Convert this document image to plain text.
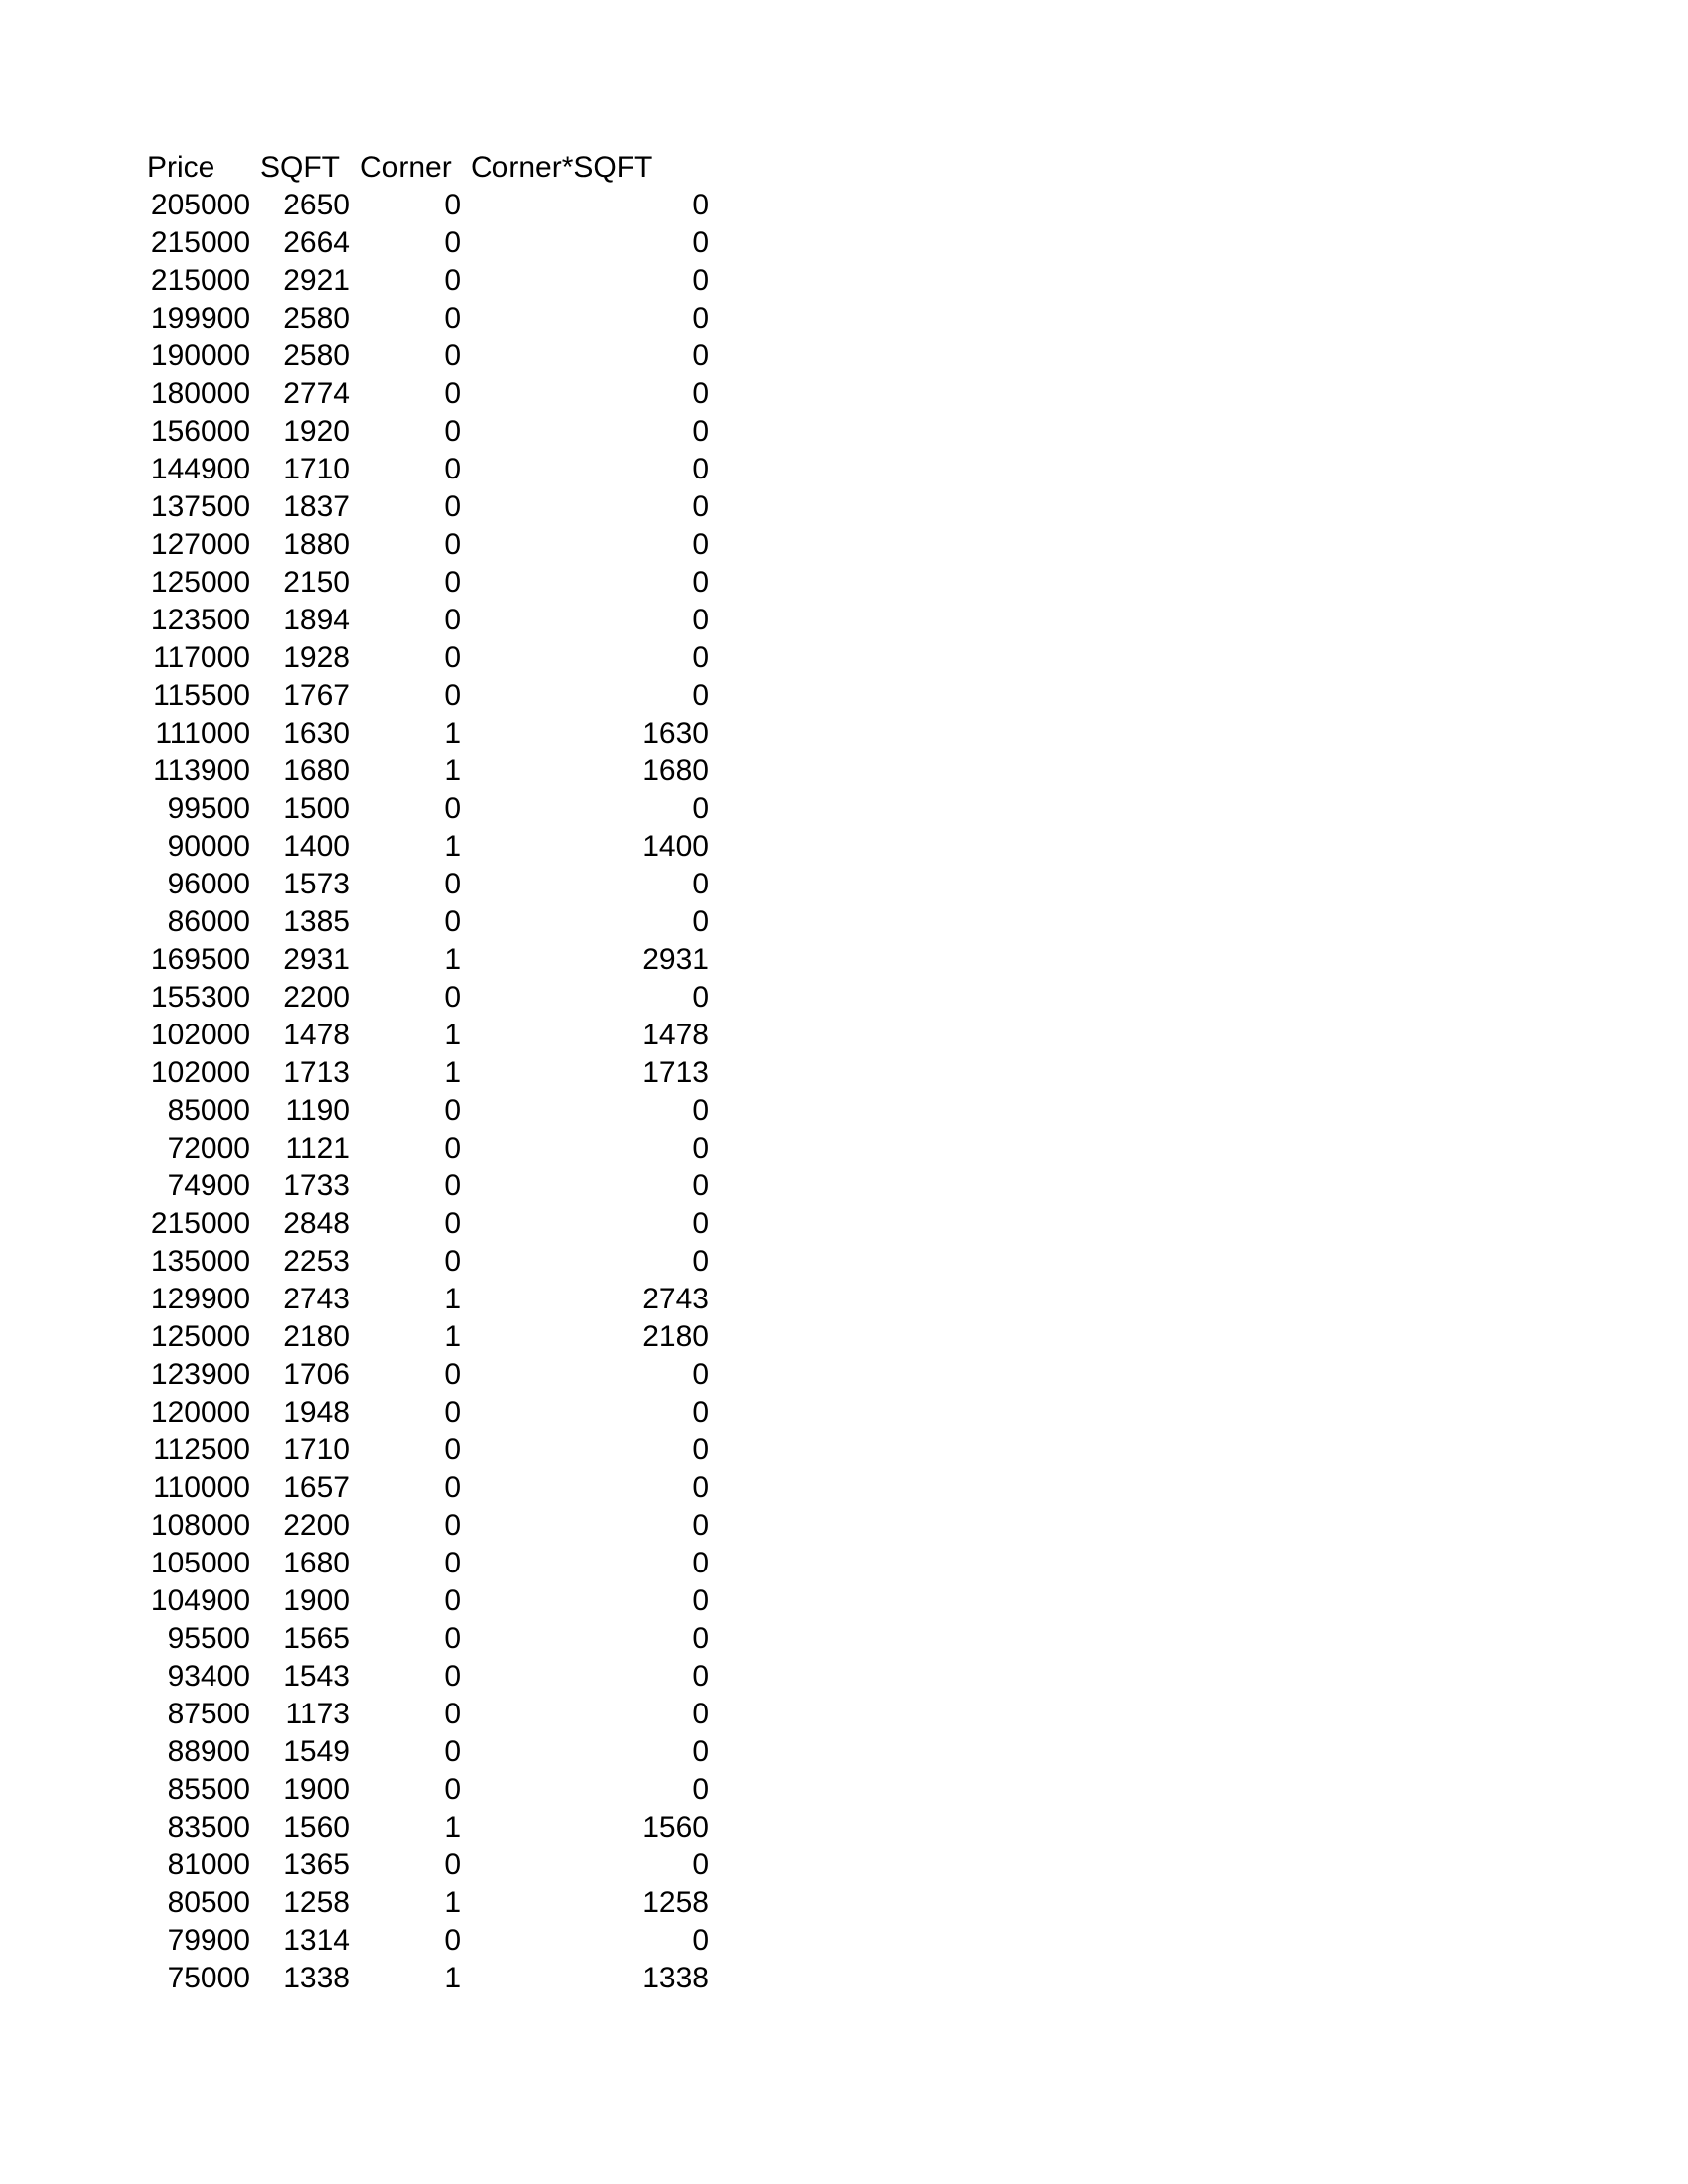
Price SQFT Corner Corner*SQFT
205000	2650	0	0
215000	2664	0	0
215000	2921	0	0
199900	2580	0	0
190000	2580	0	0
180000	2774	0	0
156000	1920	0	0
144900	1710	0	0
137500	1837	0	0
127000	1880	0	0
125000	2150	0	0
123500	1894	0	0
117000	1928	0	0
115500	1767	0	0
111000	1630	1	1630
113900	1680	1	1680
99500	1500	0	0
90000	1400	1	1400
96000	1573	0	0
86000	1385	0	0
169500	2931	1	2931
155300	2200	0	0
102000	1478	1	1478
102000	1713	1	1713
85000	1190	0	0
72000	1121	0	0
74900	1733	0	0
215000	2848	0	0
135000	2253	0	0
129900	2743	1	2743
125000	2180	1	2180
123900	1706	0	0
120000	1948	0	0
112500	1710	0	0
110000	1657	0	0
108000	2200	0	0
105000	1680	0	0
104900	1900	0	0
95500	1565	0	0
93400	1543	0	0
87500	1173	0	0
88900	1549	0	0
85500	1900	0	0
83500	1560	1	1560
81000	1365	0	0
80500	1258	1	1258
79900	1314	0	0
75000	1338	1	1338
